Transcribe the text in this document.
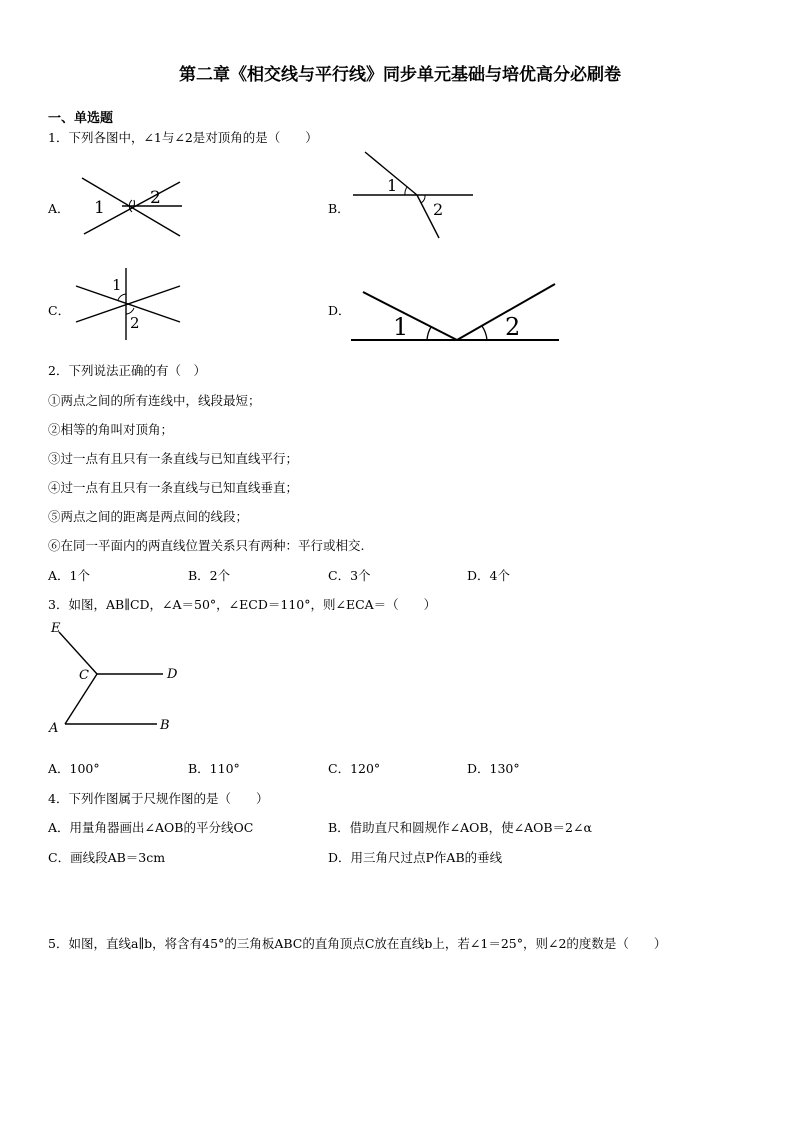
第二章《相交线与平行线》同步单元基础与培优高分必刷卷
一、单选题
1．下列各图中，∠1与∠2是对顶角的是（　　）
A． 1	2
B．
1
2
C．
1
2
D．
1	2
2．下列说法正确的有（　）
①两点之间的所有连线中，线段最短；
②相等的角叫对顶角；
③过一点有且只有一条直线与已知直线平行；
④过一点有且只有一条直线与已知直线垂直；
⑤两点之间的距离是两点间的线段；
⑥在同一平面内的两直线位置关系只有两种：平行或相交.
A．1个	B．2个	C．3个	D．4个
3．如图，AB∥CD，∠A＝50°，∠ECD＝110°，则∠ECA＝（　　）
E
C	D
A	B
A．100°	B．110°	C．120°	D．130°
4．下列作图属于尺规作图的是（　　）
A．用量角器画出∠AOB的平分线OC	B．借助直尺和圆规作∠AOB，使∠AOB＝2∠α
C．画线段AB＝3cm	D．用三角尺过点P作AB的垂线
5．如图，直线a∥b，将含有45°的三角板ABC的直角顶点C放在直线b上，若∠1＝25°，则∠2的度数是（　　）
